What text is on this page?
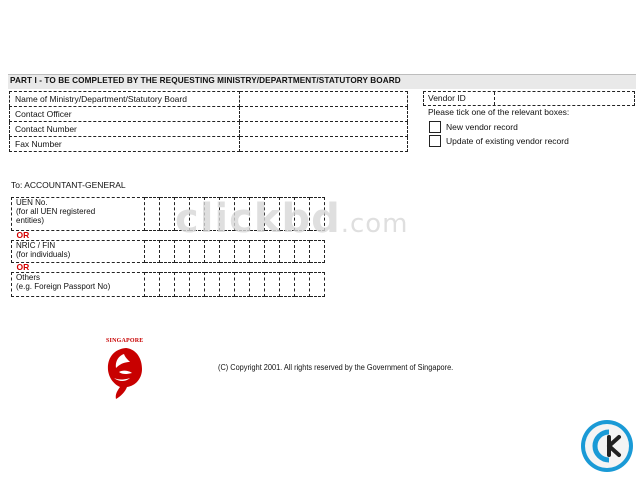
PART I - TO BE COMPLETED BY THE REQUESTING MINISTRY/DEPARTMENT/STATUTORY BOARD
Name of Ministry/Department/Statutory Board	
Contact Officer	
Contact Number	
Fax Number	
Vendor ID
Please tick one of the relevant boxes:
New vendor record
Update of existing vendor record
To: ACCOUNTANT-GENERAL
UEN No.
(for all UEN registered
entities)												

OR												

NRIC / FIN
(for individuals)												

OR												

Others
(e.g. Foreign Passport No)												

clickbd.com
SINGAPORE
(C) Copyright 2001. All rights reserved by the Government of Singapore.
